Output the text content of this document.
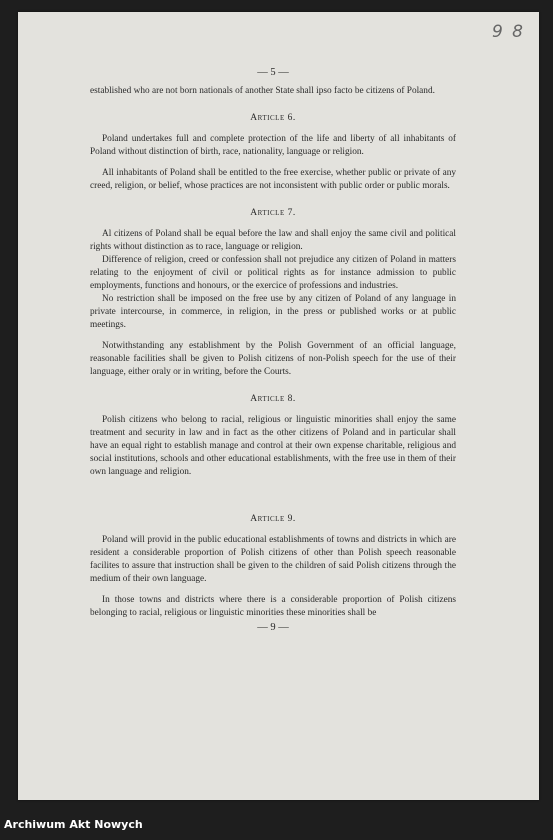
9 8
— 5 —

established who are not born nationals of another State shall ipso facto be citizens of Poland.

Article 6.

Poland undertakes full and complete protection of the life and liberty of all inhabitants of Poland without distinction of birth, race, nationality, language or religion.

All inhabitants of Poland shall be entitled to the free exercise, whether public or private of any creed, religion, or belief, whose practices are not inconsistent with public order or public morals.

Article 7.

Al citizens of Poland shall be equal before the law and shall enjoy the same civil and political rights without distinction as to race, language or religion.

Difference of religion, creed or confession shall not prejudice any citizen of Poland in matters relating to the enjoyment of civil or political rights as for instance admission to public employments, functions and honours, or the exercice of professions and industries.

No restriction shall be imposed on the free use by any citizen of Poland of any language in private intercourse, in commerce, in religion, in the press or published works or at public meetings.

Notwithstanding any establishment by the Polish Government of an official language, reasonable facilities shall be given to Polish citizens of non-Polish speech for the use of their language, either oraly or in writing, before the Courts.

Article 8.

Polish citizens who belong to racial, religious or linguistic minorities shall enjoy the same treatment and security in law and in fact as the other citizens of Poland and in particular shall have an equal right to establish manage and control at their own expense charitable, religious and social institutions, schools and other educational establishments, with the free use in them of their own language and religion.

Article 9.

Poland will provid in the public educational establishments of towns and districts in which are resident a considerable proportion of Polish citizens of other than Polish speech reasonable facilites to assure that instruction shall be given to the children of said Polish citizens through the medium of their own language.

In those towns and districts where there is a considerable proportion of Polish citizens belonging to racial, religious or linguistic minorities these minorities shall be

— 9 —
Archiwum Akt Nowych
